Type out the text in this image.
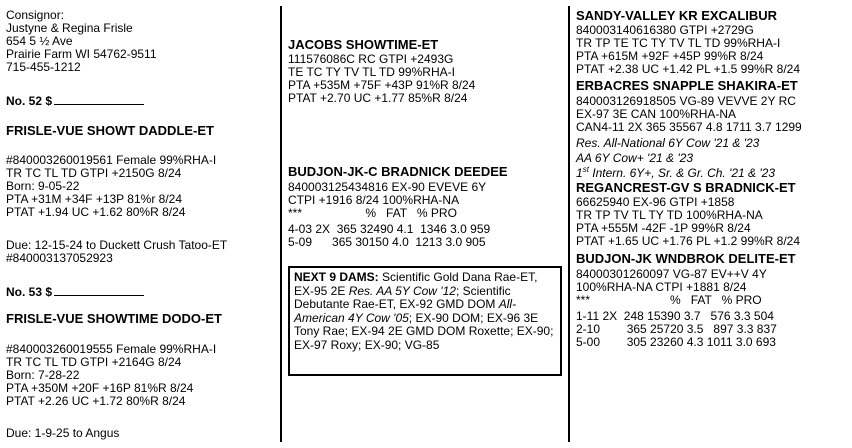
Consignor:
Justyne & Regina Frisle
654 5 ½ Ave
Prairie Farm WI 54762-9511
715-455-1212
No. 52 $
FRISLE-VUE SHOWT DADDLE-ET
#840003260019561 Female 99%RHA-I
TR TC TL TD GTPI +2150G 8/24
Born: 9-05-22
PTA +31M +34F +13P 81%r 8/24
PTAT +1.94 UC +1.62 80%R 8/24
Due: 12-15-24 to Duckett Crush Tatoo-ET
#840003137052923
No. 53 $
FRISLE-VUE SHOWTIME DODO-ET
#840003260019555 Female 99%RHA-I
TR TC TL TD GTPI +2164G 8/24
Born: 7-28-22
PTA +350M +20F +16P 81%R 8/24
PTAT +2.26 UC +1.72 80%R 8/24
Due: 1-9-25 to Angus
JACOBS SHOWTIME-ET
111576086C RC GTPI +2493G
TE TC TY TV TL TD 99%RHA-I
PTA +535M +75F +43P 91%R 8/24
PTAT +2.70 UC +1.77 85%R 8/24
BUDJON-JK-C BRADNICK DEEDEE
840003125434816 EX-90 EVEVE 6Y
CTPI +1916 8/24 100%RHA-NA
***                   %   FAT   % PRO
4-03 2X  365 32490 4.1  1346 3.0 959
5-09      365 30150 4.0  1213 3.0 905

NEXT 9 DAMS: Scientific Gold Dana Rae-ET, EX-95 2E Res. AA 5Y Cow '12; Scientific Debutante Rae-ET, EX-92 GMD DOM All-American 4Y Cow '05; EX-90 DOM; EX-96 3E Tony Rae; EX-94 2E GMD DOM Roxette; EX-90; EX-97 Roxy; EX-90; VG-85

SANDY-VALLEY KR EXCALIBUR
840003140616380 GTPI +2729G
TR TP TE TC TY TV TL TD 99%RHA-I
PTA +615M +92F +45P 99%R 8/24
PTAT +2.38 UC +1.42 PL +1.5 99%R 8/24
ERBACRES SNAPPLE SHAKIRA-ET
840003126918505 VG-89 VEVVE 2Y RC
EX-97 3E CAN 100%RHA-NA
CAN4-11 2X 365 35567 4.8 1711 3.7 1299
Res. All-National 6Y Cow '21 & '23
AA 6Y Cow+ '21 & '23
1st Intern. 6Y+, Sr. & Gr. Ch. '21 & '23
REGANCREST-GV S BRADNICK-ET
66625940 EX-96 GTPI +1858
TR TP TV TL TY TD 100%RHA-NA
PTA +555M -42F -1P 99%R 8/24
PTAT +1.65 UC +1.76 PL +1.2 99%R 8/24
BUDJON-JK WNDBROK DELITE-ET
84000301260097 VG-87 EV++V 4Y
100%RHA-NA CTPI +1881 8/24
***                        %   FAT   % PRO
1-11 2X  248 15390 3.7   576 3.3 504
2-10        365 25720 3.5   897 3.3 837
5-00        305 23260 4.3 1011 3.0 693
